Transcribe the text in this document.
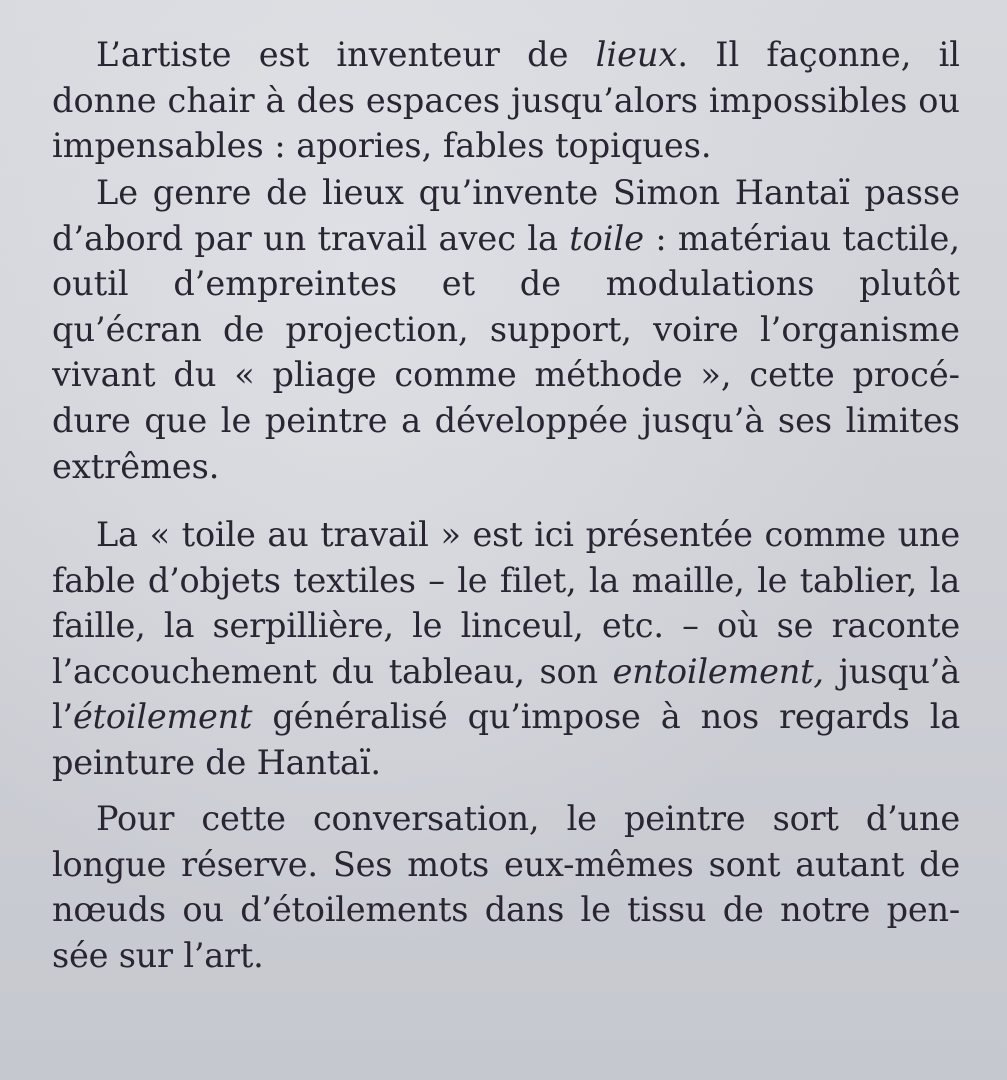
L’artiste est inventeur de lieux. Il façonne, il
donne chair à des espaces jusqu’alors impossibles ou
impensables : apories, fables topiques.
Le genre de lieux qu’invente Simon Hantaï passe
d’abord par un travail avec la toile : matériau tactile,
outil d’empreintes et de modulations plutôt
qu’écran de projection, support, voire l’organisme
vivant du « pliage comme méthode », cette procé-
dure que le peintre a développée jusqu’à ses limites
extrêmes.
La « toile au travail » est ici présentée comme une
fable d’objets textiles – le filet, la maille, le tablier, la
faille, la serpillière, le linceul, etc. – où se raconte
l’accouchement du tableau, son entoilement, jusqu’à
l’étoilement généralisé qu’impose à nos regards la
peinture de Hantaï.
Pour cette conversation, le peintre sort d’une
longue réserve. Ses mots eux-mêmes sont autant de
nœuds ou d’étoilements dans le tissu de notre pen-
sée sur l’art.
